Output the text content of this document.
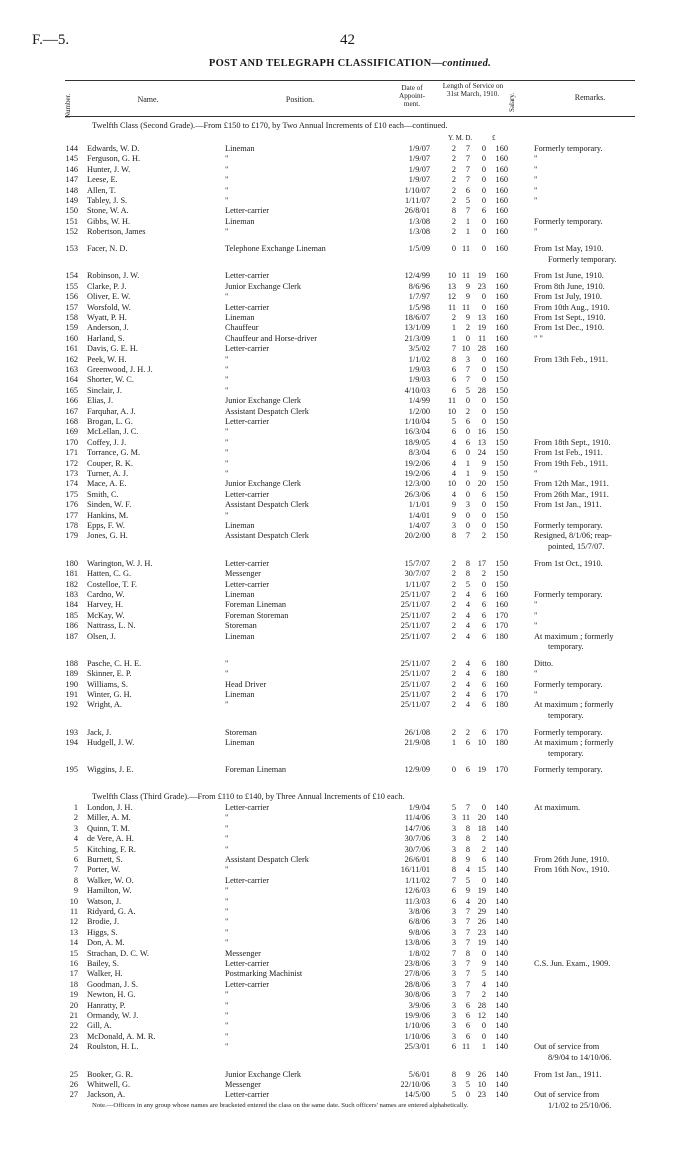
F.—5.	42
POST AND TELEGRAPH CLASSIFICATION—continued.
Number.	Name.	Position.
Date of Appoint- ment.
Length of Service on 31st March, 1910.	Salary.	Remarks.
Twelfth Class (Second Grade).—From £150 to £170, by Two Annual Increments of £10 each—continued.
Y. M. D.	£
144 Edwards, W. D.	Lineman	1/9/07	2	7	0	160	Formerly temporary.
145 Ferguson, G. H.	"	1/9/07	2	7	0	160	"
146 Hunter, J. W.	"	1/9/07	2	7	0	160	"
147 Leese, E.	"	1/9/07	2	7	0	160	"
148 Allen, T.	"	1/10/07	2	6	0	160	"
149 Tabley, J. S.	"	1/11/07	2	5	0	160	"
150 Stone, W. A.	Letter-carrier	26/8/01	8	7	6	160
151 Gibbs, W. H.	Lineman	1/3/08	2	1	0	160	Formerly temporary.
152 Robertson, James	"	1/3/08	2	1	0	160	"
153 Facer, N. D.	Telephone Exchange Lineman	1/5/09	0 11	0	160	From 1st May, 1910.
Formerly temporary.
154 Robinson, J. W.	Letter-carrier	12/4/99	10 11 19	160	From 1st June, 1910.
155 Clarke, P. J.	Junior Exchange Clerk	8/6/96	13	9 23	160	From 8th June, 1910.
156 Oliver, E. W.	"	1/7/97	12	9	0	160	From 1st July, 1910.
157 Worsfold, W.	Letter-carrier	1/5/98	11 11	0	160	From 10th Aug., 1910.
158 Wyatt, P. H.	Lineman	18/6/07	2	9 13	160	From 1st Sept., 1910.
159 Anderson, J.	Chauffeur	13/1/09	1	2 19	160	From 1st Dec., 1910.
160 Harland, S.	Chauffeur and Horse-driver	21/3/09	1	0 11	160	" "
161 Davis, G. E. H.	Letter-carrier	3/5/02	7 10 28	160
162 Peek, W. H.	"	1/1/02	8	3	0	160	From 13th Feb., 1911.
163 Greenwood, J. H. J.	"	1/9/03	6	7	0	150
164 Shorter, W. C.	"	1/9/03	6	7	0	150
165 Sinclair, J.	"	4/10/03	6	5 28	150
166 Elias, J.	Junior Exchange Clerk	1/4/99	11	0	0	150
167 Farquhar, A. J.	Assistant Despatch Clerk	1/2/00	10	2	0	150
168 Brogan, L. G.	Letter-carrier	1/10/04	5	6	0	150
169 McLellan, J. C.	"	16/3/04	6	0 16	150
170 Coffey, J. J.	"	18/9/05	4	6 13	150	From 18th Sept., 1910.
171 Torrance, G. M.	"	8/3/04	6	0 24	150	From 1st Feb., 1911.
172 Couper, R. K.	"	19/2/06	4	1	9	150	From 19th Feb., 1911.
173 Turner, A. J.	"	19/2/06	4	1	9	150	"
174 Mace, A. E.	Junior Exchange Clerk	12/3/00	10	0 20	150	From 12th Mar., 1911.
175 Smith, C.	Letter-carrier	26/3/06	4	0	6	150	From 26th Mar., 1911.
176 Sinden, W. F.	Assistant Despatch Clerk	1/1/01	9	3	0	150	From 1st Jan., 1911.
177 Hankins, M.	"	1/4/01	9	0	0	150
178 Epps, F. W.	Lineman	1/4/07	3	0	0	150	Formerly temporary.
179 Jones, G. H.	Assistant Despatch Clerk	20/2/00	8	7	2	150	Resigned, 8/1/06; reap-
pointed, 15/7/07.
180 Warington, W. J. H.	Letter-carrier	15/7/07	2	8 17	150	From 1st Oct., 1910.
181 Hatten, C. G.	Messenger	30/7/07	2	8	2	150
182 Costelloe, T. F.	Letter-carrier	1/11/07	2	5	0	150
183 Cardno, W.	Lineman	25/11/07	2	4	6	160	Formerly temporary.
184 Harvey, H.	Foreman Lineman	25/11/07	2	4	6	160	"
185 McKay, W.	Foreman Storeman	25/11/07	2	4	6	170	"
186 Nattrass, L. N.	Storeman	25/11/07	2	4	6	170	"
187 Olsen, J.	Lineman	25/11/07	2	4	6	180	At maximum ; formerly
temporary.
188 Pasche, C. H. E.	"	25/11/07	2	4	6	180	Ditto.
189 Skinner, E. P.	"	25/11/07	2	4	6	180	"
190 Williams, S.	Head Driver	25/11/07	2	4	6	160	Formerly temporary.
191 Winter, G. H.	Lineman	25/11/07	2	4	6	170	"
192 Wright, A.	"	25/11/07	2	4	6	180	At maximum ; formerly
temporary.
193 Jack, J.	Storeman	26/1/08	2	2	6	170	Formerly temporary.
194 Hudgell, J. W.	Lineman	21/9/08	1	6 10	180	At maximum ; formerly
temporary.
195 Wiggins, J. E.	Foreman Lineman	12/9/09	0	6 19	170	Formerly temporary.
Twelfth Class (Third Grade).—From £110 to £140, by Three Annual Increments of £10 each.
1 London, J. H.	Letter-carrier	1/9/04	5	7	0	140	At maximum.
2 Miller, A. M.	"	11/4/06	3 11 20	140
3 Quinn, T. M.	"	14/7/06	3	8 18	140
4 de Vere, A. H.	"	30/7/06	3	8	2	140
5 Kitching, F. R.	"	30/7/06	3	8	2	140
6 Burnett, S.	Assistant Despatch Clerk	26/6/01	8	9	6	140	From 26th June, 1910.
7 Porter, W.	"	16/11/01	8	4 15	140	From 16th Nov., 1910.
8 Walker, W. O.	Letter-carrier	1/11/02	7	5	0	140
9 Hamilton, W.	"	12/6/03	6	9 19	140
10 Watson, J.	"	11/3/03	6	4 20	140
11 Ridyard, G. A.	"	3/8/06	3	7 29	140
12 Brodie, J.	"	6/8/06	3	7 26	140
13 Higgs, S.	"	9/8/06	3	7 23	140
14 Don, A. M.	"	13/8/06	3	7 19	140
15 Strachan, D. C. W.	Messenger	1/8/02	7	8	0	140
16 Bailey, S.	Letter-carrier	23/8/06	3	7	9	140	C.S. Jun. Exam., 1909.
17 Walker, H.	Postmarking Machinist	27/8/06	3	7	5	140
18 Goodman, J. S.	Letter-carrier	28/8/06	3	7	4	140
19 Newton, H. G.	"	30/8/06	3	7	2	140
20 Hanratty, P.	"	3/9/06	3	6 28	140
21 Ormandy, W. J.	"	19/9/06	3	6 12	140
22 Gill, A.	"	1/10/06	3	6	0	140
23 McDonald, A. M. R.	"	1/10/06	3	6	0	140
24 Roulston, H. L.	"	25/3/01	6 11	1	140	Out of service from
8/9/04 to 14/10/06.
25 Booker, G. R.	Junior Exchange Clerk	5/6/01	8	9 26	140	From 1st Jan., 1911.
26 Whitwell, G.	Messenger	22/10/06	3	5 10	140
27 Jackson, A.	Letter-carrier	14/5/00	5	0 23	140	Out of service from
1/1/02 to 25/10/06.
Note.—Officers in any group whose names are bracketed entered the class on the same date. Such officers' names are entered alphabetically.
